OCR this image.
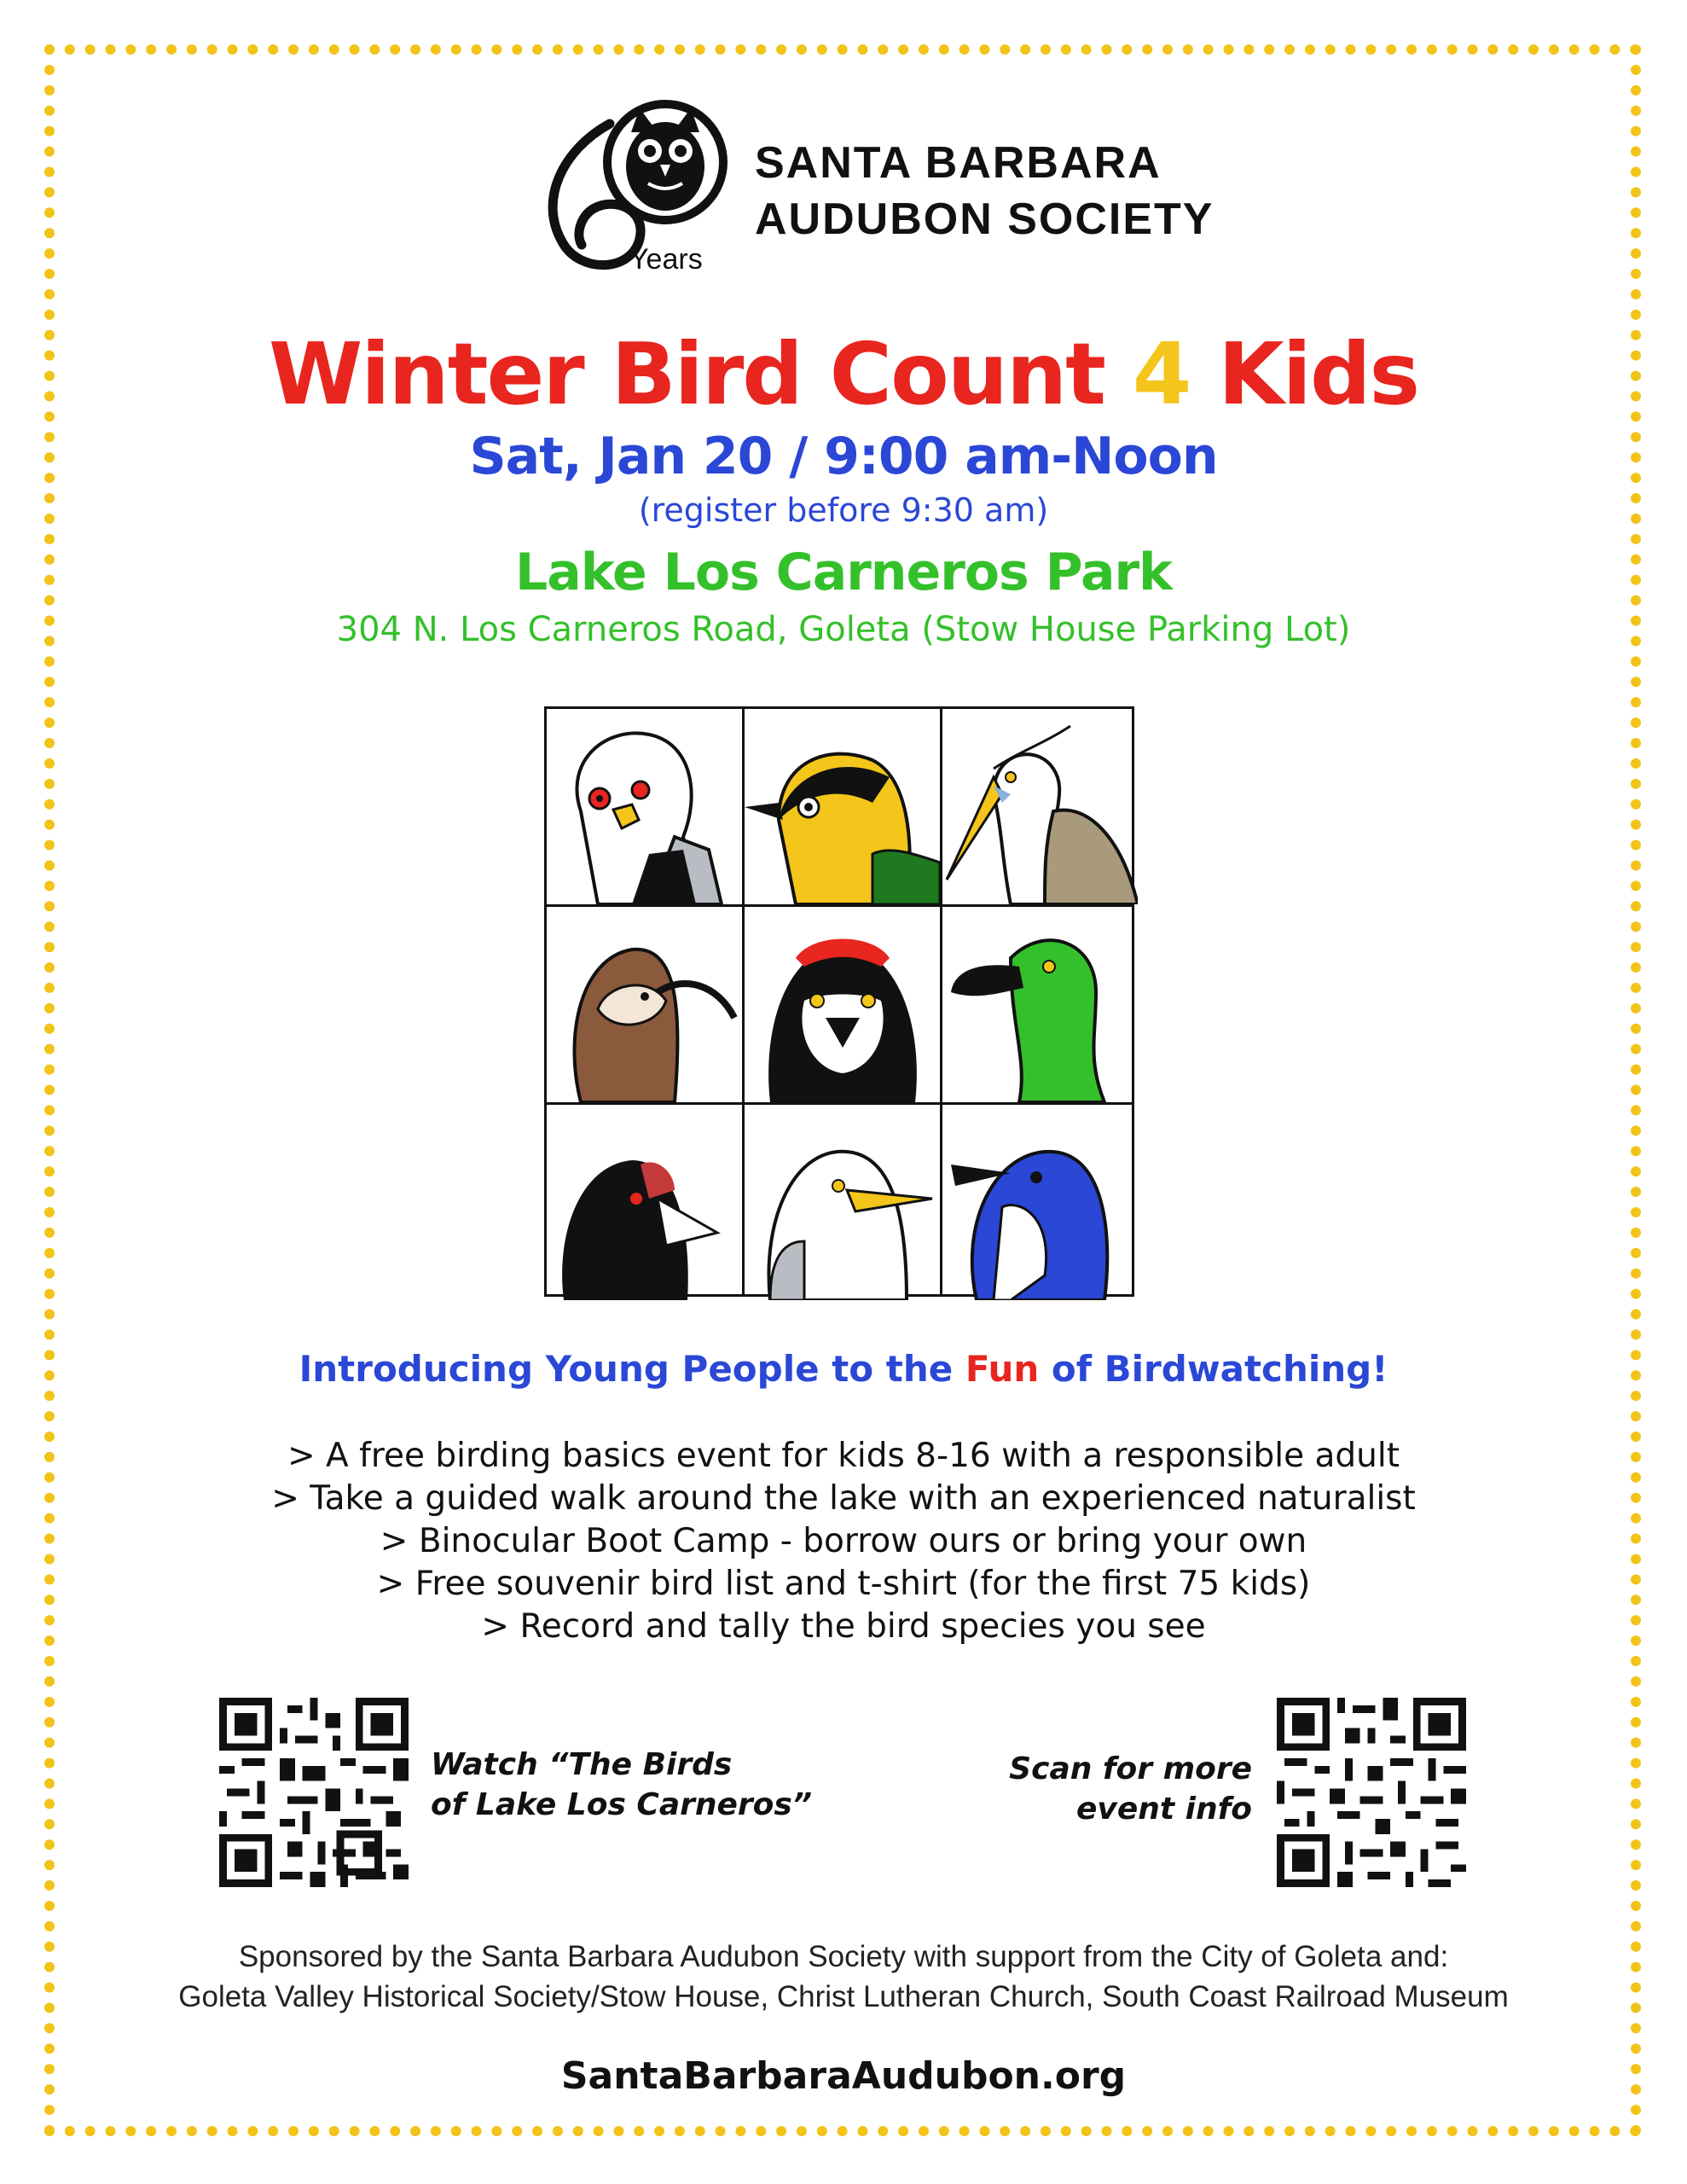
Years
SANTA BARBARA
AUDUBON SOCIETY
Winter Bird Count 4 Kids
Sat, Jan 20 / 9:00 am-Noon
(register before 9:30 am)
Lake Los Carneros Park
304 N. Los Carneros Road, Goleta (Stow House Parking Lot)
Introducing Young People to the Fun of Birdwatching!
> A free birding basics event for kids 8-16 with a responsible adult
> Take a guided walk around the lake with an experienced naturalist
> Binocular Boot Camp - borrow ours or bring your own
> Free souvenir bird list and t-shirt (for the first 75 kids)
> Record and tally the bird species you see
Watch “The Birds
of Lake Los Carneros”
Scan for more
event info
Sponsored by the Santa Barbara Audubon Society with support from the City of Goleta and:
Goleta Valley Historical Society/Stow House, Christ Lutheran Church, South Coast Railroad Museum
SantaBarbaraAudubon.org
